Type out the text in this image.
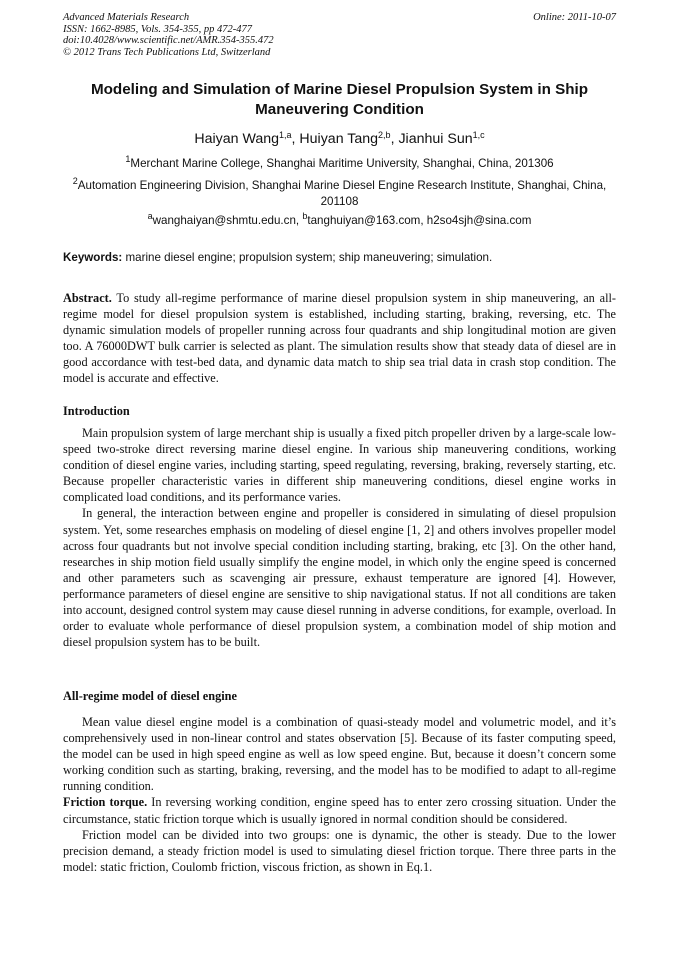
Advanced Materials Research
ISSN: 1662-8985, Vols. 354-355, pp 472-477
doi:10.4028/www.scientific.net/AMR.354-355.472
© 2012 Trans Tech Publications Ltd, Switzerland
Online: 2011-10-07
Modeling and Simulation of Marine Diesel Propulsion System in Ship Maneuvering Condition
Haiyan Wang$^{1,a}$, Huiyan Tang$^{2,b}$, Jianhui Sun$^{1,c}$
$^1$Merchant Marine College, Shanghai Maritime University, Shanghai, China, 201306
$^2$Automation Engineering Division, Shanghai Marine Diesel Engine Research Institute, Shanghai, China, 201108
$^a$wanghaiyan@shmtu.edu.cn, $^b$tanghuiyan@163.com, h2so4sjh@sina.com
Keywords: marine diesel engine; propulsion system; ship maneuvering; simulation.

Abstract. To study all-regime performance of marine diesel propulsion system in ship maneuvering, an all-regime model for diesel propulsion system is established, including starting, braking, reversing, etc. The dynamic simulation models of propeller running across four quadrants and ship longitudinal motion are given too. A 76000DWT bulk carrier is selected as plant. The simulation results show that steady data of diesel are in good accordance with test-bed data, and dynamic data match to ship sea trial data in crash stop condition. The model is accurate and effective.

Introduction

Main propulsion system of large merchant ship is usually a fixed pitch propeller driven by a large-scale low-speed two-stroke direct reversing marine diesel engine. In various ship maneuvering conditions, working condition of diesel engine varies, including starting, speed regulating, reversing, braking, reversely starting, etc. Because propeller characteristic varies in different ship maneuvering conditions, diesel engine works in complicated load conditions, and its performance varies.

In general, the interaction between engine and propeller is considered in simulating of diesel propulsion system. Yet, some researches emphasis on modeling of diesel engine [1, 2] and others involves propeller model across four quadrants but not involve special condition including starting, braking, etc [3]. On the other hand, researches in ship motion field usually simplify the engine model, in which only the engine speed is concerned and other parameters such as scavenging air pressure, exhaust temperature are ignored [4]. However, performance parameters of diesel engine are sensitive to ship navigational status. If not all conditions are taken into account, designed control system may cause diesel running in adverse conditions, for example, overload. In order to evaluate whole performance of diesel propulsion system, a combination model of ship motion and diesel propulsion system has to be built.

All-regime model of diesel engine

Mean value diesel engine model is a combination of quasi-steady model and volumetric model, and it’s comprehensively used in non-linear control and states observation [5]. Because of its faster computing speed, the model can be used in high speed engine as well as low speed engine. But, because it doesn’t concern some working condition such as starting, braking, reversing, and the model has to be modified to adapt to all-regime running condition.

Friction torque. In reversing working condition, engine speed has to enter zero crossing situation. Under the circumstance, static friction torque which is usually ignored in normal condition should be considered.

Friction model can be divided into two groups: one is dynamic, the other is steady. Due to the lower precision demand, a steady friction model is used to simulating diesel friction torque. There three parts in the model: static friction, Coulomb friction, viscous friction, as shown in Eq.1.
